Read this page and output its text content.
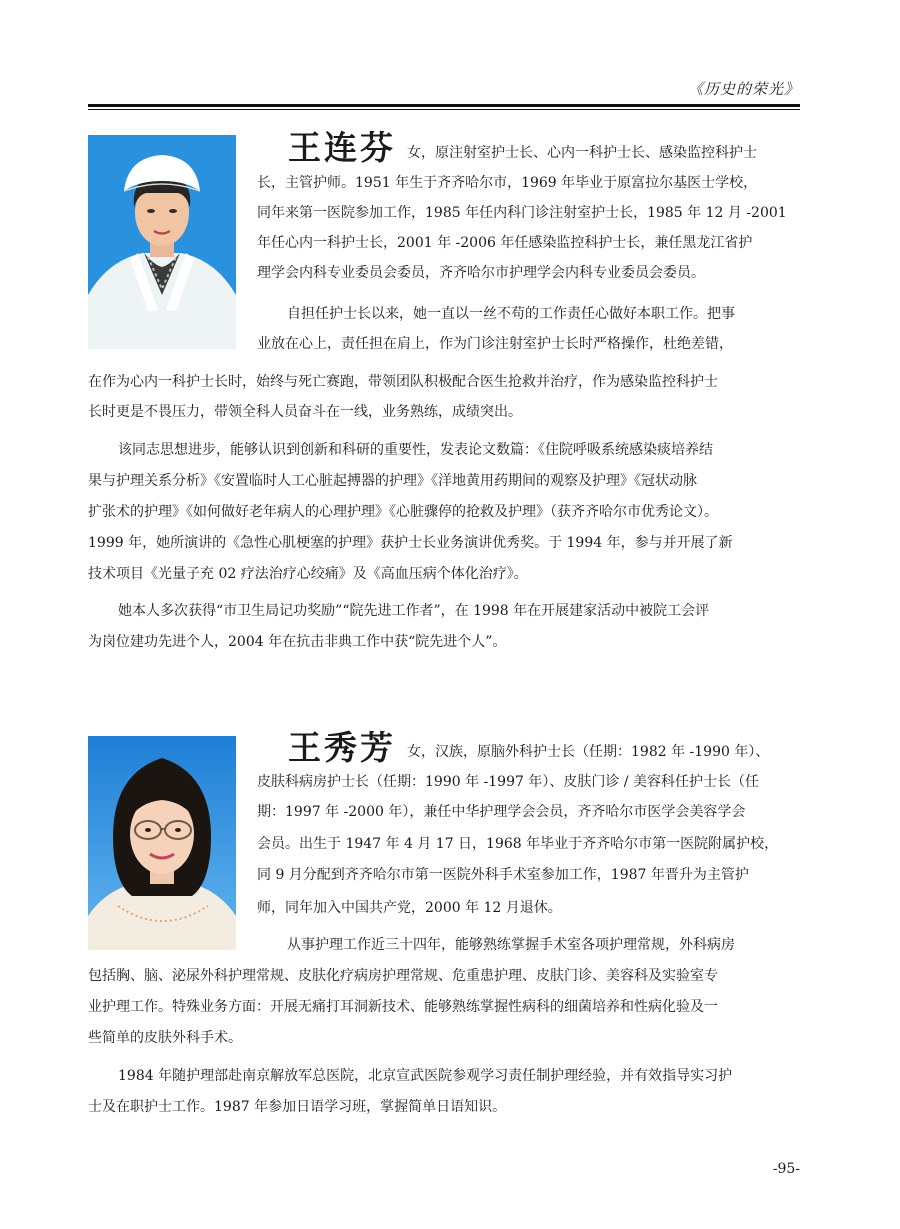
《历史的荣光》
王连芬 女，原注射室护士长、心内一科护士长、感染监控科护士
长，主管护师。1951 年生于齐齐哈尔市，1969 年毕业于原富拉尔基医士学校，
同年来第一医院参加工作，1985 年任内科门诊注射室护士长，1985 年 12 月 -2001
年任心内一科护士长，2001 年 -2006 年任感染监控科护士长，兼任黑龙江省护
理学会内科专业委员会委员，齐齐哈尔市护理学会内科专业委员会委员。
自担任护士长以来，她一直以一丝不苟的工作责任心做好本职工作。把事
业放在心上，责任担在肩上，作为门诊注射室护士长时严格操作，杜绝差错，
在作为心内一科护士长时，始终与死亡赛跑，带领团队积极配合医生抢救并治疗，作为感染监控科护士
长时更是不畏压力，带领全科人员奋斗在一线，业务熟练，成绩突出。
该同志思想进步，能够认识到创新和科研的重要性，发表论文数篇：《住院呼吸系统感染痰培养结
果与护理关系分析》《安置临时人工心脏起搏器的护理》《洋地黄用药期间的观察及护理》《冠状动脉
扩张术的护理》《如何做好老年病人的心理护理》《心脏骤停的抢救及护理》（获齐齐哈尔市优秀论文）。
1999 年，她所演讲的《急性心肌梗塞的护理》获护士长业务演讲优秀奖。于 1994 年，参与并开展了新
技术项目《光量子充 02 疗法治疗心绞痛》及《高血压病个体化治疗》。
她本人多次获得“市卫生局记功奖励”“院先进工作者”，在 1998 年在开展建家活动中被院工会评
为岗位建功先进个人，2004 年在抗击非典工作中获“院先进个人”。
王秀芳 女，汉族，原脑外科护士长（任期：1982 年 -1990 年）、
皮肤科病房护士长（任期：1990 年 -1997 年）、皮肤门诊 / 美容科任护士长（任
期：1997 年 -2000 年），兼任中华护理学会会员，齐齐哈尔市医学会美容学会
会员。出生于 1947 年 4 月 17 日，1968 年毕业于齐齐哈尔市第一医院附属护校，
同 9 月分配到齐齐哈尔市第一医院外科手术室参加工作，1987 年晋升为主管护
师，同年加入中国共产党，2000 年 12 月退休。
从事护理工作近三十四年，能够熟练掌握手术室各项护理常规，外科病房
包括胸、脑、泌尿外科护理常规、皮肤化疗病房护理常规、危重患护理、皮肤门诊、美容科及实验室专
业护理工作。特殊业务方面：开展无痛打耳洞新技术、能够熟练掌握性病科的细菌培养和性病化验及一
些简单的皮肤外科手术。
1984 年随护理部赴南京解放军总医院，北京宣武医院参观学习责任制护理经验，并有效指导实习护
士及在职护士工作。1987 年参加日语学习班，掌握简单日语知识。
-95-
